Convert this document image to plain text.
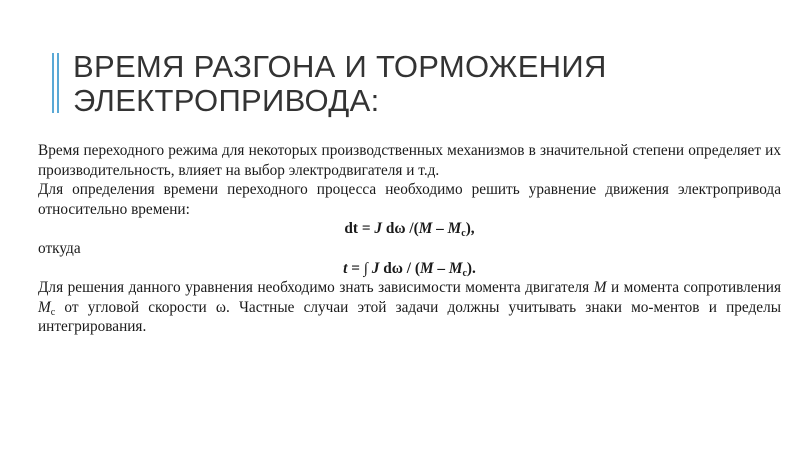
ВРЕМЯ РАЗГОНА И ТОРМОЖЕНИЯ ЭЛЕКТРОПРИВОДА:

Время переходного режима для некоторых производственных механизмов в значительной степени определяет их производительность, влияет на выбор электродвигателя и т.д.

Для определения времени переходного процесса необходимо решить уравнение движения электропривода относительно времени:

dt = J dω $/(M - M_c)$,

откуда

t = ∫ J dω / $(M - M_c)$.

Для решения данного уравнения необходимо знать зависимости момента двигателя M и момента сопротивления $M_c$ от угловой скорости ω. Частные случаи этой задачи должны учитывать знаки мо-ментов и пределы интегрирования.
